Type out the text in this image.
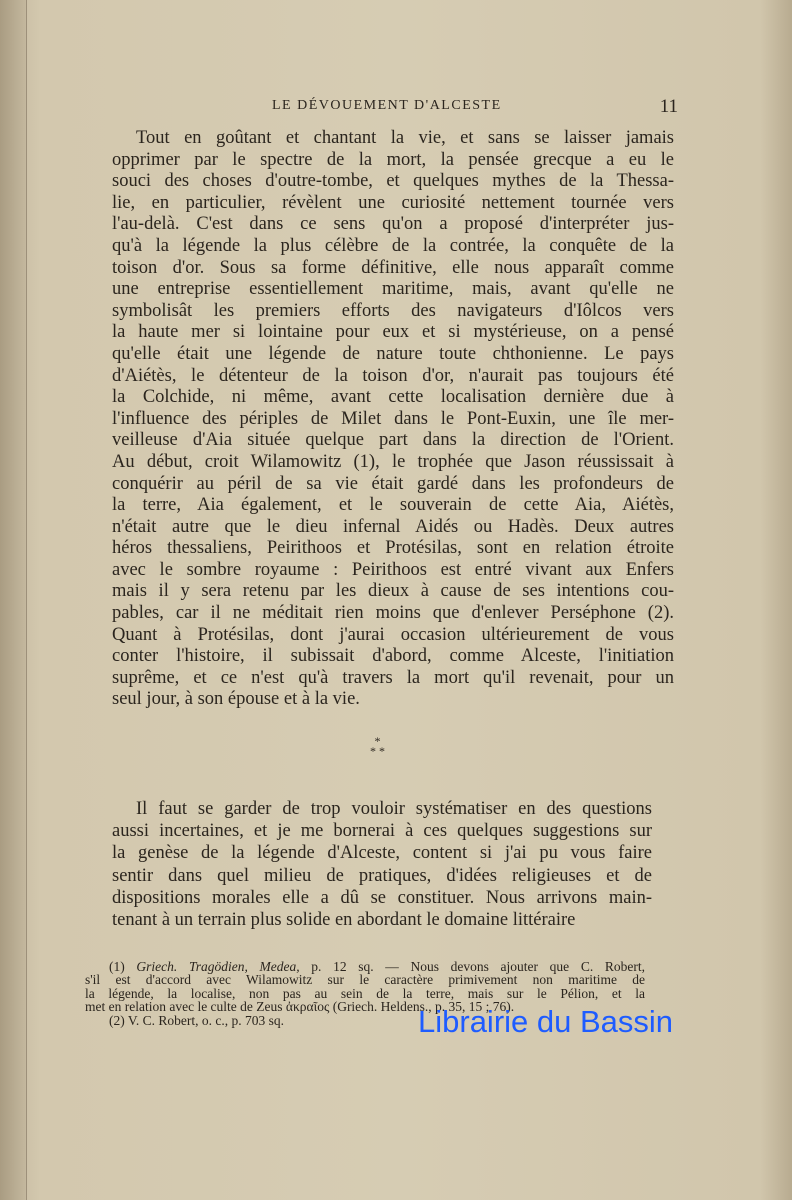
LE DÉVOUEMENT D'ALCESTE	11
Tout en goûtant et chantant la vie, et sans se laisser jamais
opprimer par le spectre de la mort, la pensée grecque a eu le
souci des choses d'outre-tombe, et quelques mythes de la Thessa-
lie, en particulier, révèlent une curiosité nettement tournée vers
l'au-delà. C'est dans ce sens qu'on a proposé d'interpréter jus-
qu'à la légende la plus célèbre de la contrée, la conquête de la
toison d'or. Sous sa forme définitive, elle nous apparaît comme
une entreprise essentiellement maritime, mais, avant qu'elle ne
symbolisât les premiers efforts des navigateurs d'Iôlcos vers
la haute mer si lointaine pour eux et si mystérieuse, on a pensé
qu'elle était une légende de nature toute chthonienne. Le pays
d'Aiétès, le détenteur de la toison d'or, n'aurait pas toujours été
la Colchide, ni même, avant cette localisation dernière due à
l'influence des périples de Milet dans le Pont-Euxin, une île mer-
veilleuse d'Aia située quelque part dans la direction de l'Orient.
Au début, croit Wilamowitz (1), le trophée que Jason réussissait à
conquérir au péril de sa vie était gardé dans les profondeurs de
la terre, Aia également, et le souverain de cette Aia, Aiétès,
n'était autre que le dieu infernal Aidés ou Hadès. Deux autres
héros thessaliens, Peirithoos et Protésilas, sont en relation étroite
avec le sombre royaume : Peirithoos est entré vivant aux Enfers
mais il y sera retenu par les dieux à cause de ses intentions cou-
pables, car il ne méditait rien moins que d'enlever Perséphone (2).
Quant à Protésilas, dont j'aurai occasion ultérieurement de vous
conter l'histoire, il subissait d'abord, comme Alceste, l'initiation
suprême, et ce n'est qu'à travers la mort qu'il revenait, pour un
seul jour, à son épouse et à la vie.
*
* *
Il faut se garder de trop vouloir systématiser en des questions
aussi incertaines, et je me bornerai à ces quelques suggestions sur
la genèse de la légende d'Alceste, content si j'ai pu vous faire
sentir dans quel milieu de pratiques, d'idées religieuses et de
dispositions morales elle a dû se constituer. Nous arrivons main-
tenant à un terrain plus solide en abordant le domaine littéraire
(1) Griech. Tragödien, Medea, p. 12 sq. — Nous devons ajouter que C. Robert,
s'il est d'accord avec Wilamowitz sur le caractère primivement non maritime de
la légende, la localise, non pas au sein de la terre, mais sur le Pélion, et la
met en relation avec le culte de Zeus ἀκραῖος (Griech. Heldens., p. 35, 15 ; 76).
(2) V. C. Robert, o. c., p. 703 sq.	Librairie du Bassin
